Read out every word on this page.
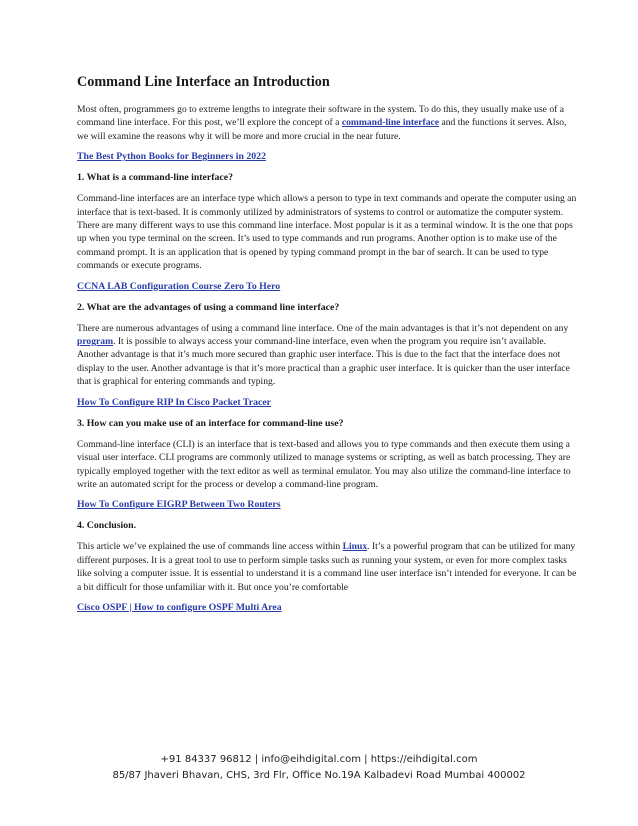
Command Line Interface an Introduction

Most often, programmers go to extreme lengths to integrate their software in the system. To do this, they usually make use of a command line interface. For this post, we’ll explore the concept of a command-line interface and the functions it serves. Also, we will examine the reasons why it will be more and more crucial in the near future.

The Best Python Books for Beginners in 2022
1. What is a command-line interface?

Command-line interfaces are an interface type which allows a person to type in text commands and operate the computer using an interface that is text-based. It is commonly utilized by administrators of systems to control or automatize the computer system. There are many different ways to use this command line interface. Most popular is it as a terminal window. It is the one that pops up when you type terminal on the screen. It’s used to type commands and run programs. Another option is to make use of the command prompt. It is an application that is opened by typing command prompt in the bar of search. It can be used to type commands or execute programs.

CCNA LAB Configuration Course Zero To Hero
2. What are the advantages of using a command line interface?

There are numerous advantages of using a command line interface. One of the main advantages is that it’s not dependent on any program. It is possible to always access your command-line interface, even when the program you require isn’t available. Another advantage is that it’s much more secured than graphic user interface. This is due to the fact that the interface does not display to the user. Another advantage is that it’s more practical than a graphic user interface. It is quicker than the user interface that is graphical for entering commands and typing.

How To Configure RIP In Cisco Packet Tracer
3. How can you make use of an interface for command-line use?

Command-line interface (CLI) is an interface that is text-based and allows you to type commands and then execute them using a visual user interface. CLI programs are commonly utilized to manage systems or scripting, as well as batch processing. They are typically employed together with the text editor as well as terminal emulator. You may also utilize the command-line interface to write an automated script for the process or develop a command-line program.

How To Configure EIGRP Between Two Routers
4. Conclusion.

This article we’ve explained the use of commands line access within Linux. It’s a powerful program that can be utilized for many different purposes. It is a great tool to use to perform simple tasks such as running your system, or even for more complex tasks like solving a computer issue. It is essential to understand it is a command line user interface isn’t intended for everyone. It can be a bit difficult for those unfamiliar with it. But once you’re comfortable

Cisco OSPF | How to configure OSPF Multi Area
+91 84337 96812 | info@eihdigital.com | https://eihdigital.com
85/87 Jhaveri Bhavan, CHS, 3rd Flr, Office No.19A Kalbadevi Road Mumbai 400002
